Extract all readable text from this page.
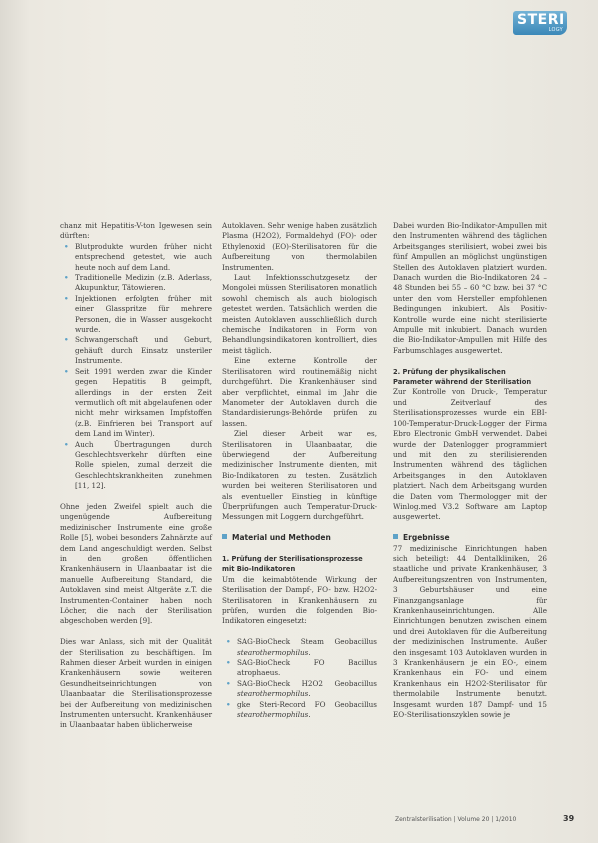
STERI
LOGY

chanz mit Hepatitis-V-ton Igewesen sein dürften:

• Blutprodukte wurden früher nicht entsprechend getestet, wie auch heute noch auf dem Land.
• Traditionelle Medizin (z.B. Aderlass, Akupunktur, Tätowieren.
• Injektionen erfolgten früher mit einer Glasspritze für mehrere Personen, die in Wasser ausgekocht wurde.
• Schwangerschaft und Geburt, gehäuft durch Einsatz unsteriler Instrumente.
• Seit 1991 werden zwar die Kinder gegen Hepatitis B geimpft, allerdings in der ersten Zeit vermutlich oft mit abgelaufenen oder nicht mehr wirksamen Impfstoffen (z.B. Einfrieren bei Transport auf dem Land im Winter).
• Auch Übertragungen durch Geschlechtsverkehr dürften eine Rolle spielen, zumal derzeit die Geschlechtskrankheiten zunehmen [11, 12].

Ohne jeden Zweifel spielt auch die ungenügende Aufbereitung medizinischer Instrumente eine große Rolle [5], wobei besonders Zahnärzte auf dem Land angeschuldigt werden. Selbst in den großen öffentlichen Krankenhäusern in Ulaanbaatar ist die manuelle Aufbereitung Standard, die Autoklaven sind meist Altgeräte z.T. die Instrumenten-Container haben noch Löcher, die nach der Sterilisation abgeschoben werden [9].

Dies war Anlass, sich mit der Qualität der Sterilisation zu beschäftigen. Im Rahmen dieser Arbeit wurden in einigen Krankenhäusern sowie weiteren Gesundheitseinrichtungen von Ulaanbaatar die Sterilisationsprozesse bei der Aufbereitung von medizinischen Instrumenten untersucht. Krankenhäuser in Ulaanbaatar haben üblicherweise

Autoklaven. Sehr wenige haben zusätzlich Plasma (H2O2), Formaldehyd (FO)- oder Ethylenoxid (EO)-Sterilisatoren für die Aufbereitung von thermolabilen Instrumenten.

Laut Infektionsschutzgesetz der Mongolei müssen Sterilisatoren monatlich sowohl chemisch als auch biologisch getestet werden. Tatsächlich werden die meisten Autoklaven ausschließlich durch chemische Indikatoren in Form von Behandlungsindikatoren kontrolliert, dies meist täglich.

Eine externe Kontrolle der Sterilisatoren wird routinemäßig nicht durchgeführt. Die Krankenhäuser sind aber verpflichtet, einmal im Jahr die Manometer der Autoklaven durch die Standardisierungs-Behörde prüfen zu lassen.

Ziel dieser Arbeit war es, Sterilisatoren in Ulaanbaatar, die überwiegend der Aufbereitung medizinischer Instrumente dienten, mit Bio-Indikatoren zu testen. Zusätzlich wurden bei weiteren Sterilisatoren und als eventueller Einstieg in künftige Überprüfungen auch Temperatur-Druck-Messungen mit Loggern durchgeführt.

Material und Methoden
1. Prüfung der Sterilisationsprozesse mit Bio-Indikatoren

Um die keimabtötende Wirkung der Sterilisation der Dampf-, FO- bzw. H2O2-Sterilisatoren in Krankenhäusern zu prüfen, wurden die folgenden Bio-Indikatoren eingesetzt:

• SAG-BioCheck Steam Geobacillus stearothermophilus.
• SAG-BioCheck FO Bacillus atrophaeus.
• SAG-BioCheck H2O2 Geobacillus stearothermophilus.
• gke Steri-Record FO Geobacillus stearothermophilus.

Dabei wurden Bio-Indikator-Ampullen mit den Instrumenten während des täglichen Arbeitsganges sterilisiert, wobei zwei bis fünf Ampullen an möglichst ungünstigen Stellen des Autoklaven platziert wurden. Danach wurden die Bio-Indikatoren 24 – 48 Stunden bei 55 – 60 °C bzw. bei 37 °C unter den vom Hersteller empfohlenen Bedingungen inkubiert. Als Positiv-Kontrolle wurde eine nicht sterilisierte Ampulle mit inkubiert. Danach wurden die Bio-Indikator-Ampullen mit Hilfe des Farbumschlages ausgewertet.

2. Prüfung der physikalischen Parameter während der Sterilisation

Zur Kontrolle von Druck-, Temperatur und Zeitverlauf des Sterilisationsprozesses wurde ein EBI-100-Temperatur-Druck-Logger der Firma Ebro Electronic GmbH verwendet. Dabei wurde der Datenlogger programmiert und mit den zu sterilisierenden Instrumenten während des täglichen Arbeitsganges in den Autoklaven platziert. Nach dem Arbeitsgang wurden die Daten vom Thermologger mit der Winlog.med V3.2 Software am Laptop ausgewertet.

Ergebnisse

77 medizinische Einrichtungen haben sich beteiligt: 44 Dentalkliniken, 26 staatliche und private Krankenhäuser, 3 Aufbereitungszentren von Instrumenten, 3 Geburtshäuser und eine Finanzgangsanlage für Krankenhauseinrichtungen. Alle Einrichtungen benutzen zwischen einem und drei Autoklaven für die Aufbereitung der medizinischen Instrumente. Außer den insgesamt 103 Autoklaven wurden in 3 Krankenhäusern je ein EO-, einem Krankenhaus ein FO- und einem Krankenhaus ein H2O2-Sterilisator für thermolabile Instrumente benutzt. Insgesamt wurden 187 Dampf- und 15 EO-Sterilisationszyklen sowie je

Zentralsterilisation | Volume 20 | 1/2010	39
